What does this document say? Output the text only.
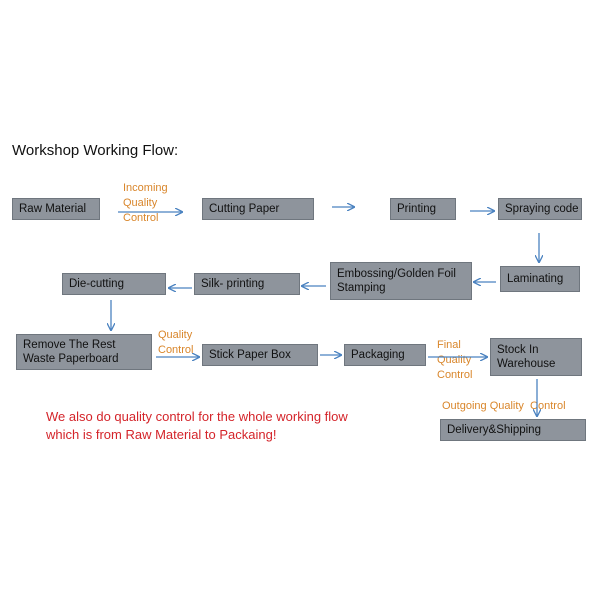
Workshop Working Flow:
Raw Material	Cutting Paper	Printing	Spraying code
Laminating
Embossing/Golden Foil Stamping
Silk- printing
Die-cutting
Remove The Rest Waste Paperboard	Stick Paper Box	Packaging	Stock In Warehouse
Delivery&Shipping
Incoming
Quality
Control
Quality
Control	Final
Quality
Control
Outgoing Quality  Control
We also do quality control for the whole working flow
which is from Raw Material to Packaing!
